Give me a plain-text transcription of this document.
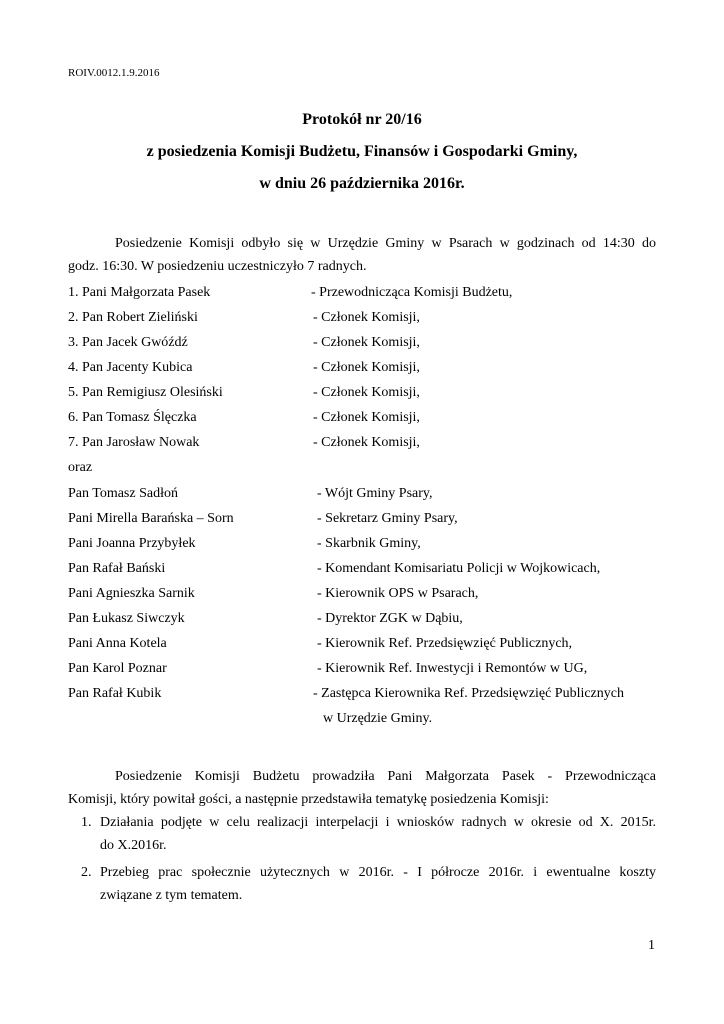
ROIV.0012.1.9.2016
Protokół nr 20/16
z posiedzenia Komisji Budżetu, Finansów i Gospodarki Gminy,
w dniu 26 października 2016r.
Posiedzenie Komisji odbyło się w Urzędzie Gminy w Psarach w godzinach od 14:30 do
godz. 16:30. W posiedzeniu uczestniczyło 7 radnych.
1. Pani Małgorzata Pasek	- Przewodnicząca Komisji Budżetu,
2. Pan Robert Zieliński	- Członek Komisji,
3. Pan Jacek Gwóźdź	- Członek Komisji,
4. Pan Jacenty Kubica	- Członek Komisji,
5. Pan Remigiusz Olesiński	- Członek Komisji,
6. Pan Tomasz Ślęczka	- Członek Komisji,
7. Pan Jarosław Nowak	- Członek Komisji,
oraz
Pan Tomasz Sadłoń	- Wójt Gminy Psary,
Pani Mirella Barańska – Sorn	- Sekretarz Gminy Psary,
Pani Joanna Przybyłek	- Skarbnik Gminy,
Pan Rafał Bański	- Komendant Komisariatu Policji w Wojkowicach,
Pani Agnieszka Sarnik	- Kierownik OPS w Psarach,
Pan Łukasz Siwczyk	- Dyrektor ZGK w Dąbiu,
Pani Anna Kotela	- Kierownik Ref. Przedsięwzięć Publicznych,
Pan Karol Poznar	- Kierownik Ref. Inwestycji i Remontów w UG,
Pan Rafał Kubik	- Zastępca Kierownika Ref. Przedsięwzięć Publicznych
w Urzędzie Gminy.
Posiedzenie Komisji Budżetu prowadziła Pani Małgorzata Pasek - Przewodnicząca
Komisji, który powitał gości, a następnie przedstawiła tematykę posiedzenia Komisji:
1. Działania podjęte w celu realizacji interpelacji i wniosków radnych w okresie od X. 2015r.
do X.2016r.
2. Przebieg prac społecznie użytecznych w 2016r. - I półrocze 2016r. i ewentualne koszty
związane z tym tematem.
1
